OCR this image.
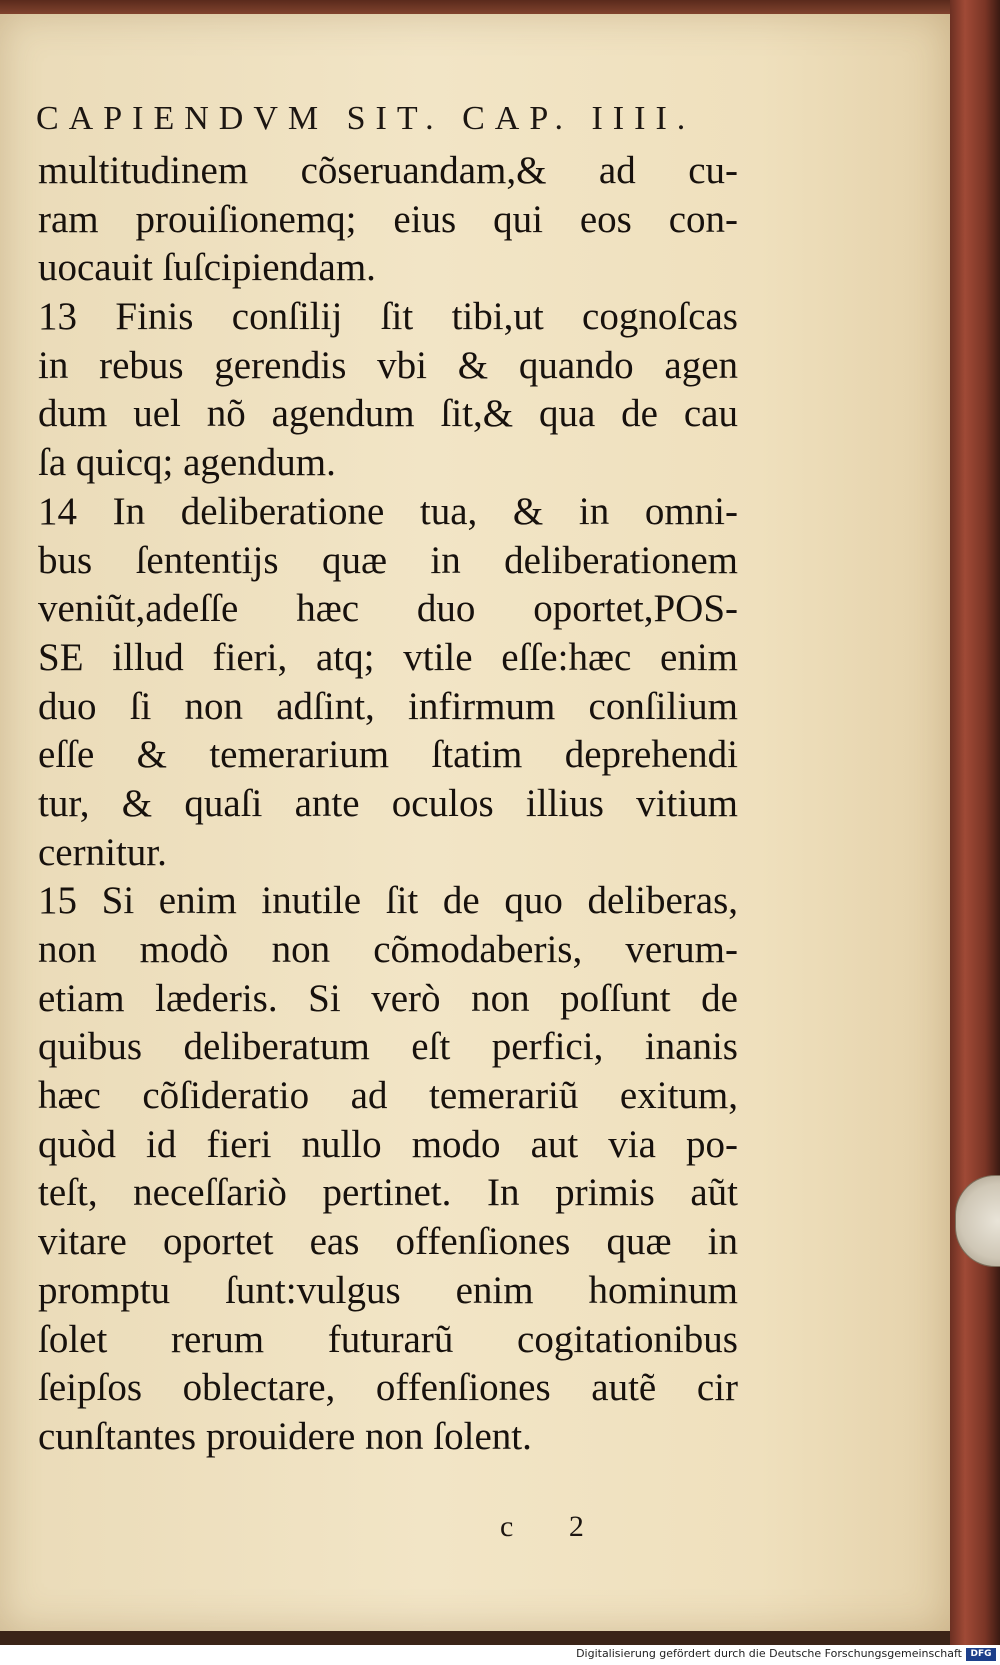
CAPIENDVM SIT. CAP. IIII.
multitudinem cõseruandam,& ad cu-
ram prouiſionemq; eius qui eos con-
uocauit ſuſcipiendam.
13 Finis conſilij ſit tibi,ut cognoſcas
in rebus gerendis vbi & quando agen
dum uel nõ agendum ſit,& qua de cau
ſa quicq; agendum.
14 In deliberatione tua, & in omni-
bus ſententijs quæ in deliberationem
veniũt,adeſſe hæc duo oportet,POS-
SE illud fieri, atq; vtile eſſe:hæc enim
duo ſi non adſint, infirmum conſilium
eſſe & temerarium ſtatim deprehendi
tur, & quaſi ante oculos illius vitium
cernitur.
15 Si enim inutile ſit de quo deliberas,
non modò non cõmodaberis, verum-
etiam læderis. Si verò non poſſunt de
quibus deliberatum eſt perfici, inanis
hæc cõſideratio ad temerariũ exitum,
quòd id fieri nullo modo aut via po-
teſt, neceſſariò pertinet. In primis aũt
vitare oportet eas offenſiones quæ in
promptu ſunt:vulgus enim hominum
ſolet rerum futurarũ cogitationibus
ſeipſos oblectare, offenſiones autẽ cir
cunſtantes prouidere non ſolent.
c 2
Digitalisierung gefördert durch die Deutsche Forschungsgemeinschaft DFG
